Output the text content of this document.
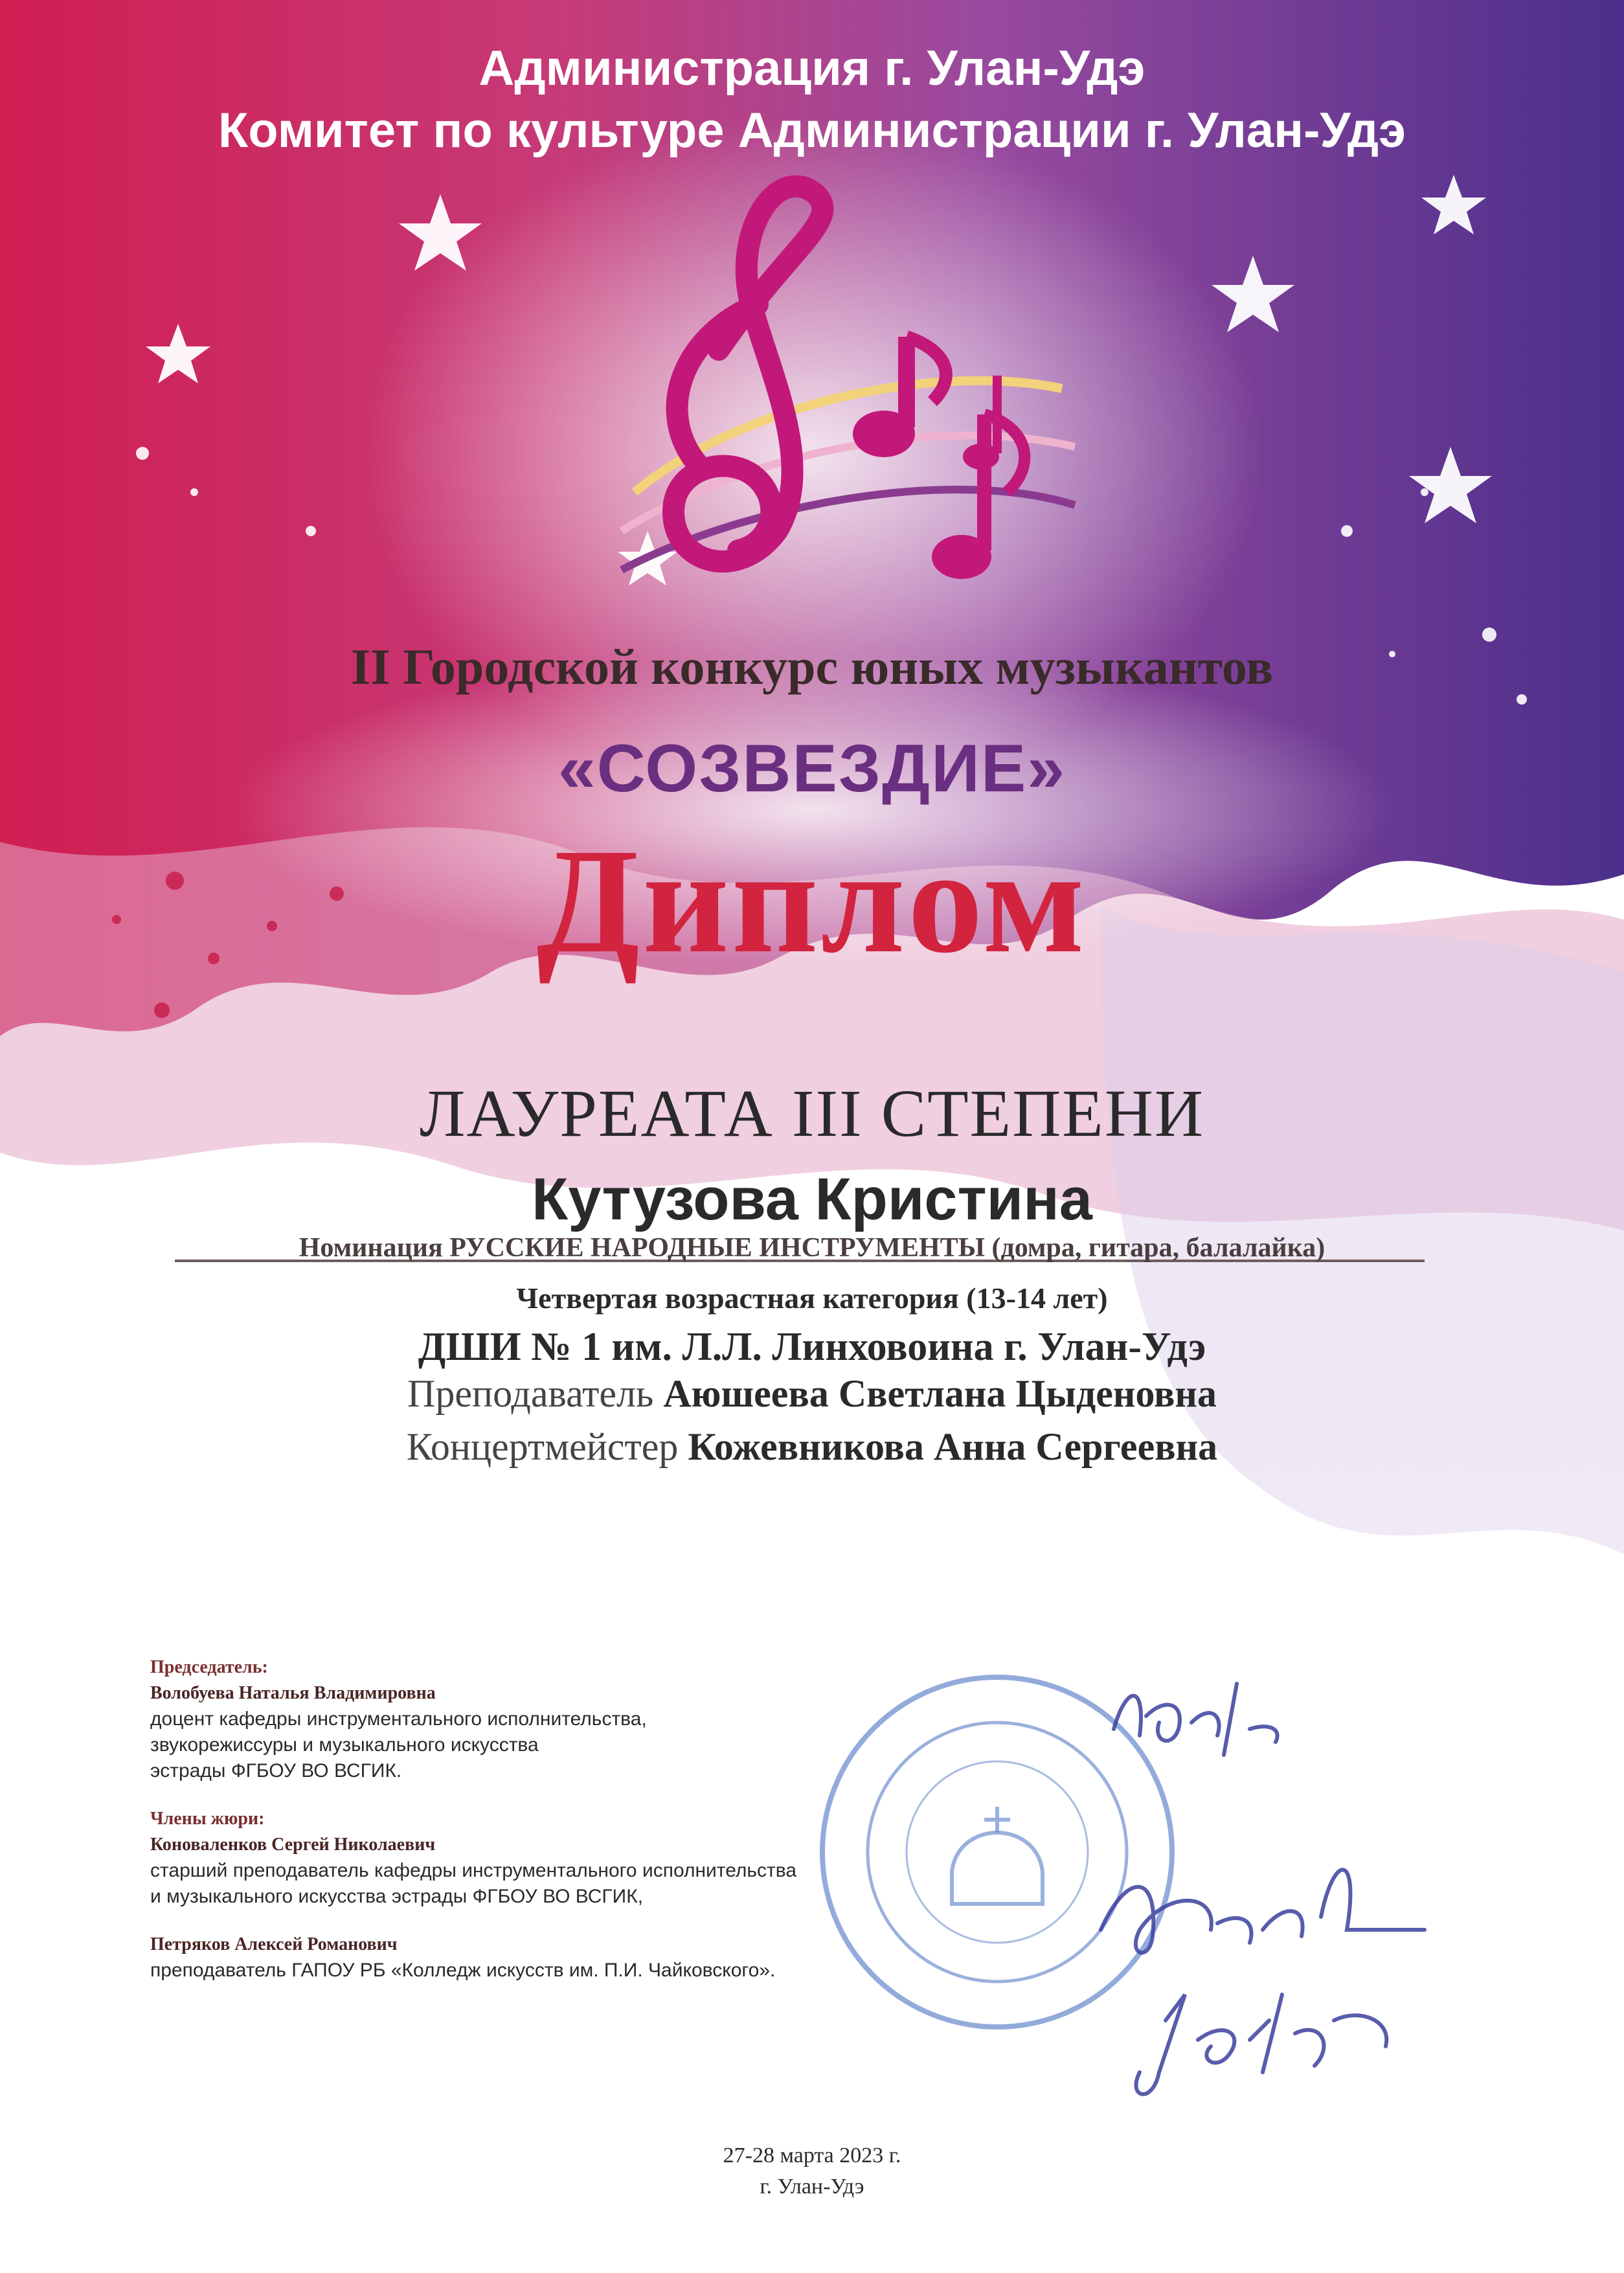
Администрация г. Улан-Удэ
Комитет по культуре Администрации г. Улан-Удэ
II Городской конкурс юных музыкантов
«СОЗВЕЗДИЕ»
Диплом
ЛАУРЕАТА III СТЕПЕНИ
Кутузова Кристина
Номинация РУССКИЕ НАРОДНЫЕ ИНСТРУМЕНТЫ (домра, гитара, балалайка)
Четвертая возрастная категория (13-14 лет)
ДШИ № 1 им. Л.Л. Линховоина г. Улан-Удэ
Преподаватель Аюшеева Светлана Цыденовна
Концертмейстер Кожевникова Анна Сергеевна
Председатель:
Волобуева Наталья Владимировна
доцент кафедры инструментального исполнительства,
звукорежиссуры и музыкального искусства
эстрады ФГБОУ ВО ВСГИК.
Члены жюри:
Коноваленков Сергей Николаевич
старший преподаватель кафедры инструментального исполнительства
и музыкального искусства эстрады ФГБОУ ВО ВСГИК,
Петряков Алексей Романович
преподаватель ГАПОУ РБ «Колледж искусств им. П.И. Чайковского».
27-28 марта 2023 г.
г. Улан-Удэ
